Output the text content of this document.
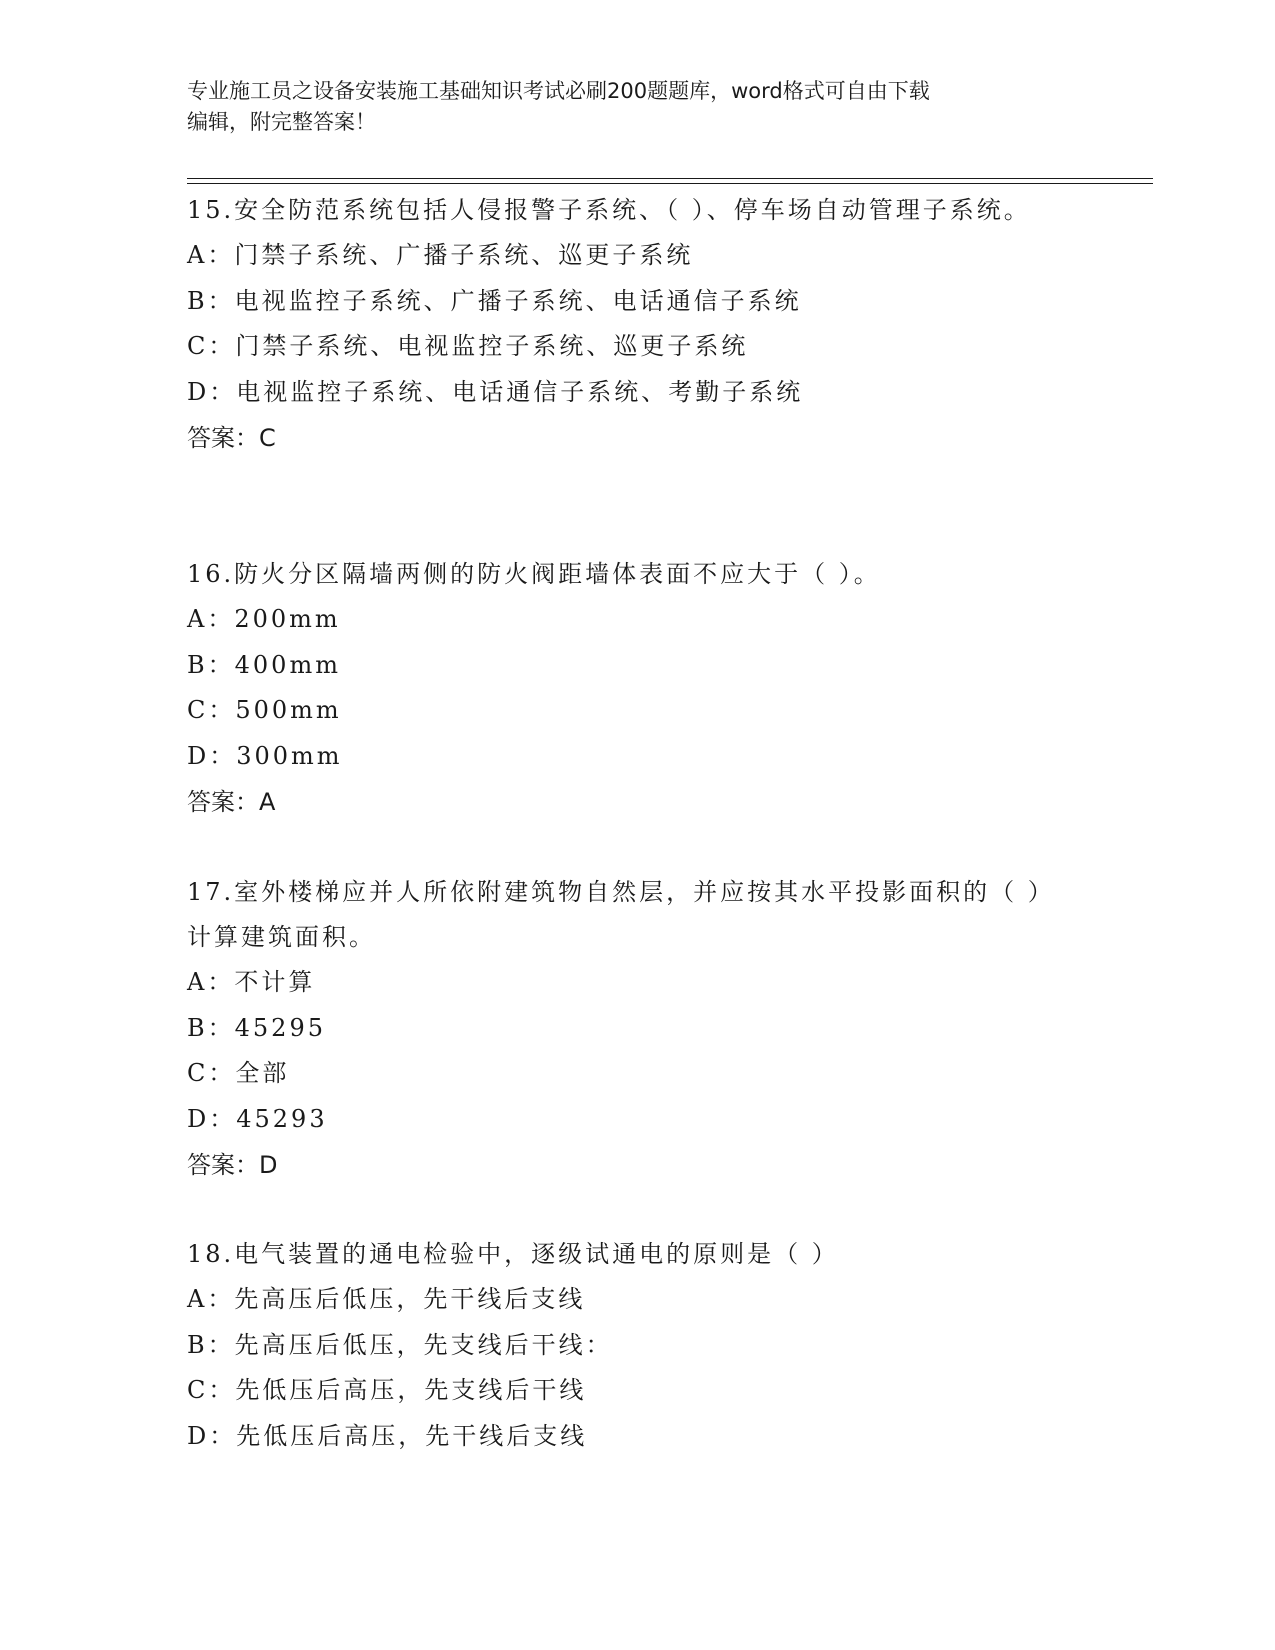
专业施工员之设备安装施工基础知识考试必刷200题题库，word格式可自由下载
编辑，附完整答案！
15.安全防范系统包括人侵报警子系统、（ ）、停车场自动管理子系统。
A：门禁子系统、广播子系统、巡更子系统
B：电视监控子系统、广播子系统、电话通信子系统
C：门禁子系统、电视监控子系统、巡更子系统
D：电视监控子系统、电话通信子系统、考勤子系统
答案：C
16.防火分区隔墙两侧的防火阀距墙体表面不应大于（ ）。
A：200mm
B：400mm
C：500mm
D：300mm
答案：A
17.室外楼梯应并人所依附建筑物自然层，并应按其水平投影面积的（ ）计算建筑面积。
A：不计算
B：45295
C：全部
D：45293
答案：D
18.电气装置的通电检验中，逐级试通电的原则是（ ）
A：先高压后低压，先干线后支线
B：先高压后低压，先支线后干线：
C：先低压后高压，先支线后干线
D：先低压后高压，先干线后支线
